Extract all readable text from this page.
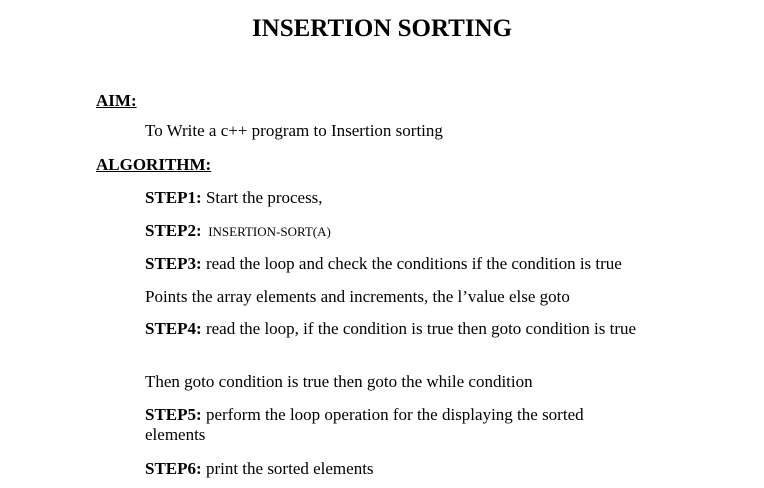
INSERTION SORTING

AIM:

To Write a c++ program to Insertion sorting

ALGORITHM:

STEP1: Start the process,

STEP2:  INSERTION-SORT(A)

STEP3: read the loop and check the conditions if the condition is true

Points the array elements and increments, the l’value else goto

STEP4: read the loop, if the condition is true then goto condition is true

Then goto condition is true then goto the while condition

STEP5: perform the loop operation for the displaying the sorted elements

STEP6: print the sorted elements
